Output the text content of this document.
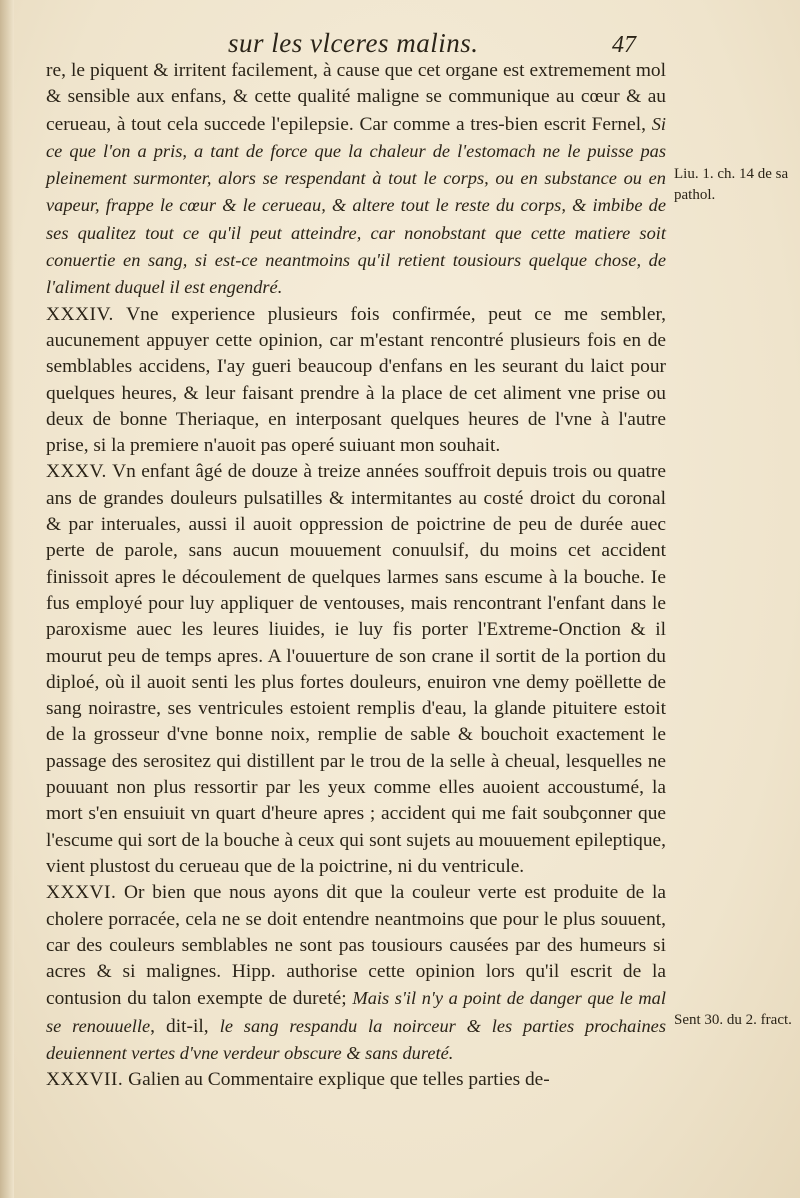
sur les vlceres malins.	47

re, le piquent & irritent facilement, à cause que cet organe est extremement mol & sensible aux enfans, & cette qualité maligne se communique au cœur & au cerueau, à tout cela succede l'epilepsie. Car comme a tres-bien escrit Fernel, Si ce que l'on a pris, a tant de force que la chaleur de l'estomach ne le puisse pas pleinement surmonter, alors se respendant à tout le corps, ou en substance ou en vapeur, frappe le cœur & le cerueau, & altere tout le reste du corps, & imbibe de ses qualitez tout ce qu'il peut atteindre, car nonobstant que cette matiere soit conuertie en sang, si est-ce neantmoins qu'il retient tousiours quelque chose, de l'aliment duquel il est engendré.

XXXIV. Vne experience plusieurs fois confirmée, peut ce me sembler, aucunement appuyer cette opinion, car m'estant rencontré plusieurs fois en de semblables accidens, I'ay gueri beaucoup d'enfans en les seurant du laict pour quelques heures, & leur faisant prendre à la place de cet aliment vne prise ou deux de bonne Theriaque, en interposant quelques heures de l'vne à l'autre prise, si la premiere n'auoit pas operé suiuant mon souhait.

XXXV. Vn enfant âgé de douze à treize années souffroit depuis trois ou quatre ans de grandes douleurs pulsatilles & intermitantes au costé droict du coronal & par interuales, aussi il auoit oppression de poictrine de peu de durée auec perte de parole, sans aucun mouuement conuulsif, du moins cet accident finissoit apres le découlement de quelques larmes sans escume à la bouche. Ie fus employé pour luy appliquer de ventouses, mais rencontrant l'enfant dans le paroxisme auec les leures liuides, ie luy fis porter l'Extreme-Onction & il mourut peu de temps apres. A l'ouuerture de son crane il sortit de la portion du diploé, où il auoit senti les plus fortes douleurs, enuiron vne demy poëllette de sang noirastre, ses ventricules estoient remplis d'eau, la glande pituitere estoit de la grosseur d'vne bonne noix, remplie de sable & bouchoit exactement le passage des serositez qui distillent par le trou de la selle à cheual, lesquelles ne pouuant non plus ressortir par les yeux comme elles auoient accoustumé, la mort s'en ensuiuit vn quart d'heure apres ; accident qui me fait soubçonner que l'escume qui sort de la bouche à ceux qui sont sujets au mouuement epileptique, vient plustost du cerueau que de la poictrine, ni du ventricule.

XXXVI. Or bien que nous ayons dit que la couleur verte est produite de la cholere porracée, cela ne se doit entendre neantmoins que pour le plus souuent, car des couleurs semblables ne sont pas tousiours causées par des humeurs si acres & si malignes. Hipp. authorise cette opinion lors qu'il escrit de la contusion du talon exempte de dureté; Mais s'il n'y a point de danger que le mal se renouuelle, dit-il, le sang respandu la noirceur & les parties prochaines deuiennent vertes d'vne verdeur obscure & sans dureté.

XXXVII. Galien au Commentaire explique que telles parties de-

Liu. 1. ch. 14 de sa pathol.
Sent 30. du 2. fract.
